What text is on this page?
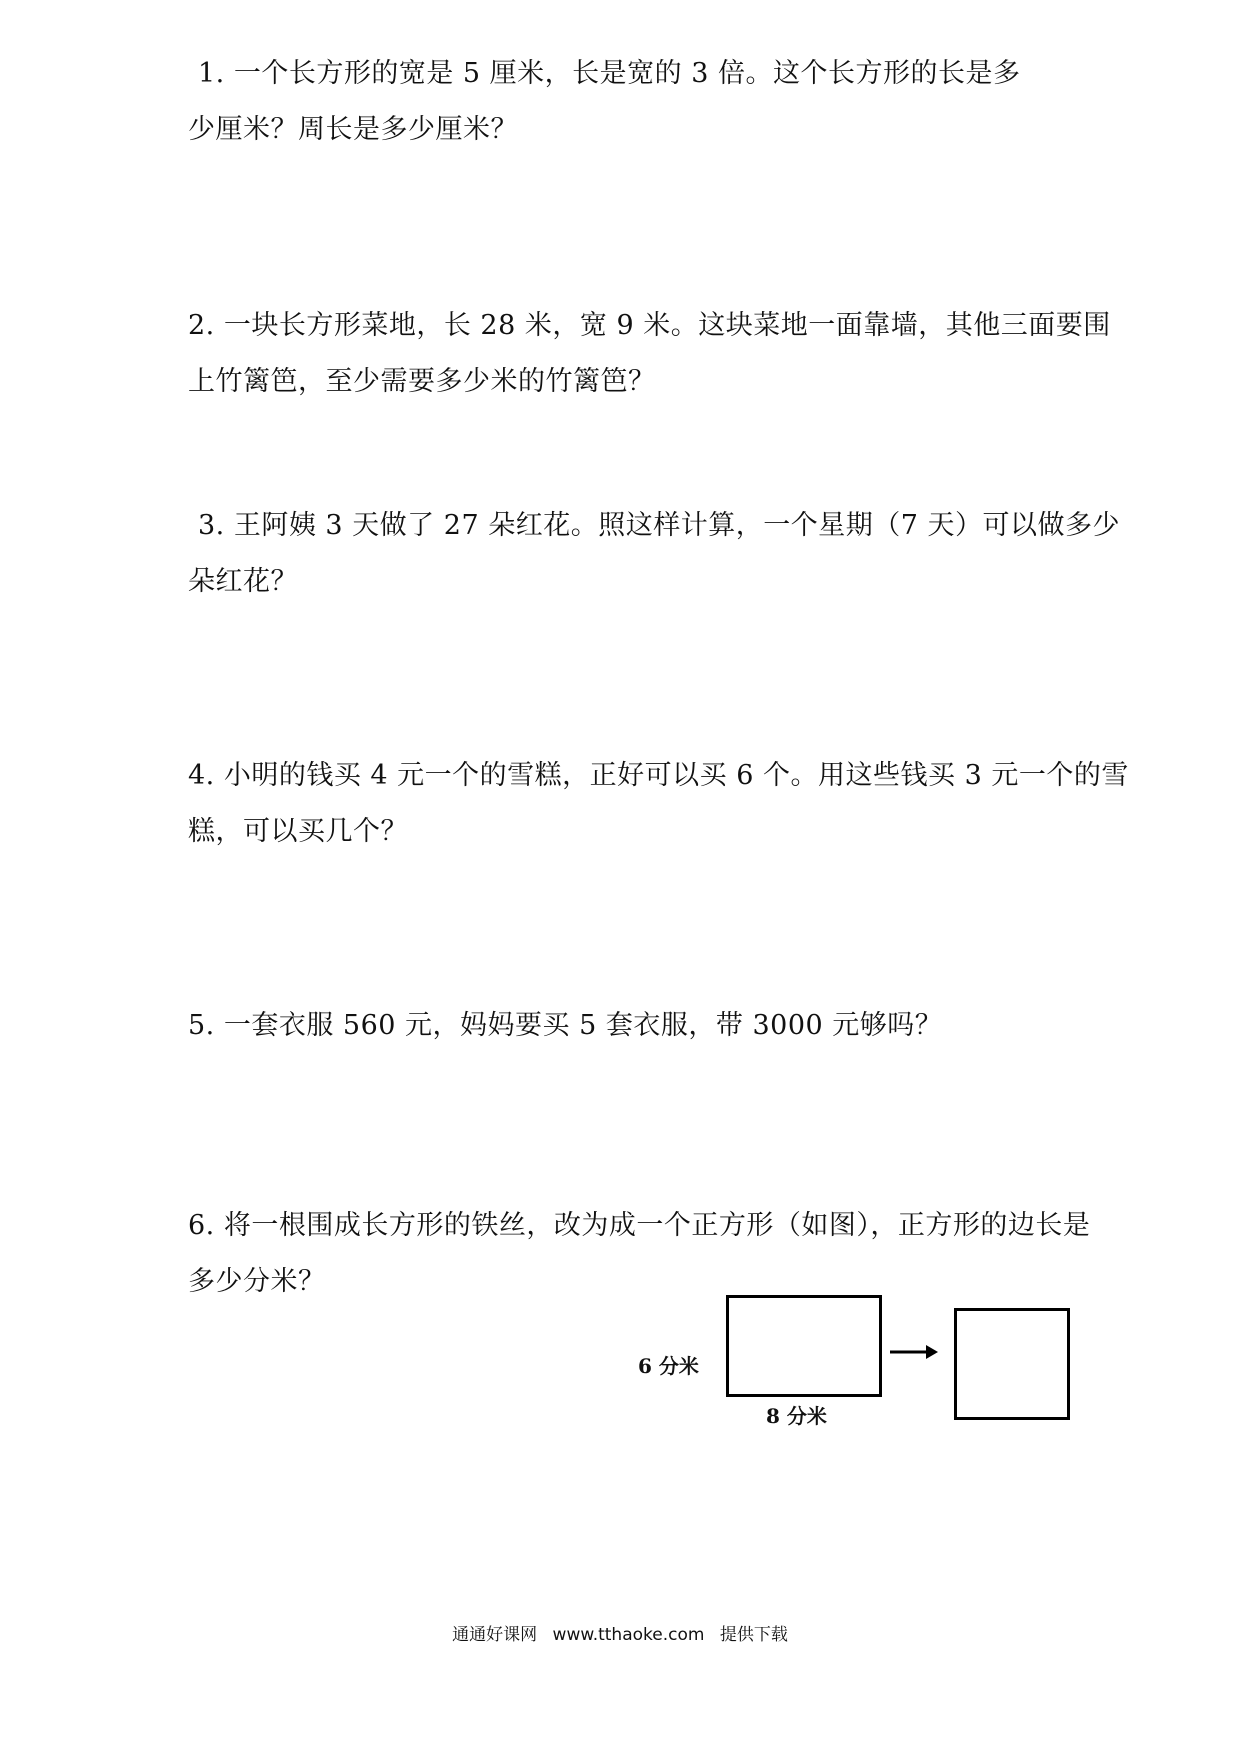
1. 一个长方形的宽是 5 厘米，长是宽的 3 倍。这个长方形的长是多
少厘米？周长是多少厘米？
2. 一块长方形菜地，长 28 米，宽 9 米。这块菜地一面靠墙，其他三面要围
上竹篱笆，至少需要多少米的竹篱笆？
3. 王阿姨 3 天做了 27 朵红花。照这样计算，一个星期（7 天）可以做多少
朵红花？
4. 小明的钱买 4 元一个的雪糕，正好可以买 6 个。用这些钱买 3 元一个的雪
糕，可以买几个？
5. 一套衣服 560 元，妈妈要买 5 套衣服，带 3000 元够吗？
6. 将一根围成长方形的铁丝，改为成一个正方形（如图），正方形的边长是
多少分米？
6 分米
8 分米
通通好课网 www.tthaoke.com 提供下载
